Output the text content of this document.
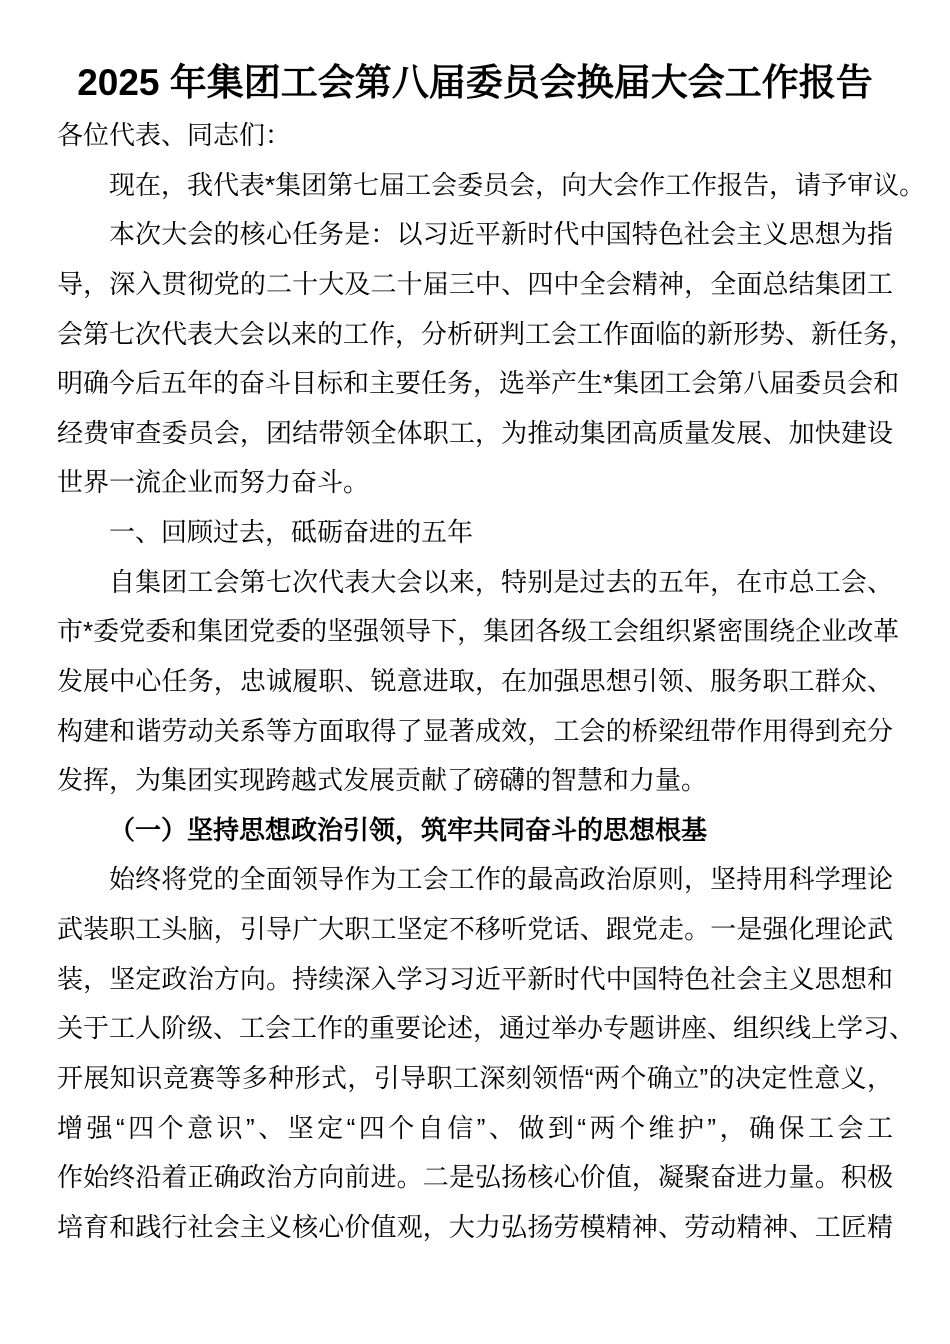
2025 年集团工会第八届委员会换届大会工作报告
各位代表、同志们：
现在，我代表*集团第七届工会委员会，向大会作工作报告，请予审议。
本次大会的核心任务是：以习近平新时代中国特色社会主义思想为指
导，深入贯彻党的二十大及二十届三中、四中全会精神，全面总结集团工
会第七次代表大会以来的工作，分析研判工会工作面临的新形势、新任务，
明确今后五年的奋斗目标和主要任务，选举产生*集团工会第八届委员会和
经费审查委员会，团结带领全体职工，为推动集团高质量发展、加快建设
世界一流企业而努力奋斗。
一、回顾过去，砥砺奋进的五年
自集团工会第七次代表大会以来，特别是过去的五年，在市总工会、
市*委党委和集团党委的坚强领导下，集团各级工会组织紧密围绕企业改革
发展中心任务，忠诚履职、锐意进取，在加强思想引领、服务职工群众、
构建和谐劳动关系等方面取得了显著成效，工会的桥梁纽带作用得到充分
发挥，为集团实现跨越式发展贡献了磅礴的智慧和力量。
（一）坚持思想政治引领，筑牢共同奋斗的思想根基
始终将党的全面领导作为工会工作的最高政治原则，坚持用科学理论
武装职工头脑，引导广大职工坚定不移听党话、跟党走。一是强化理论武
装，坚定政治方向。持续深入学习习近平新时代中国特色社会主义思想和
关于工人阶级、工会工作的重要论述，通过举办专题讲座、组织线上学习、
开展知识竞赛等多种形式，引导职工深刻领悟“两个确立”的决定性意义，
增强“四个意识”、坚定“四个自信”、做到“两个维护”，确保工会工
作始终沿着正确政治方向前进。二是弘扬核心价值，凝聚奋进力量。积极
培育和践行社会主义核心价值观，大力弘扬劳模精神、劳动精神、工匠精
